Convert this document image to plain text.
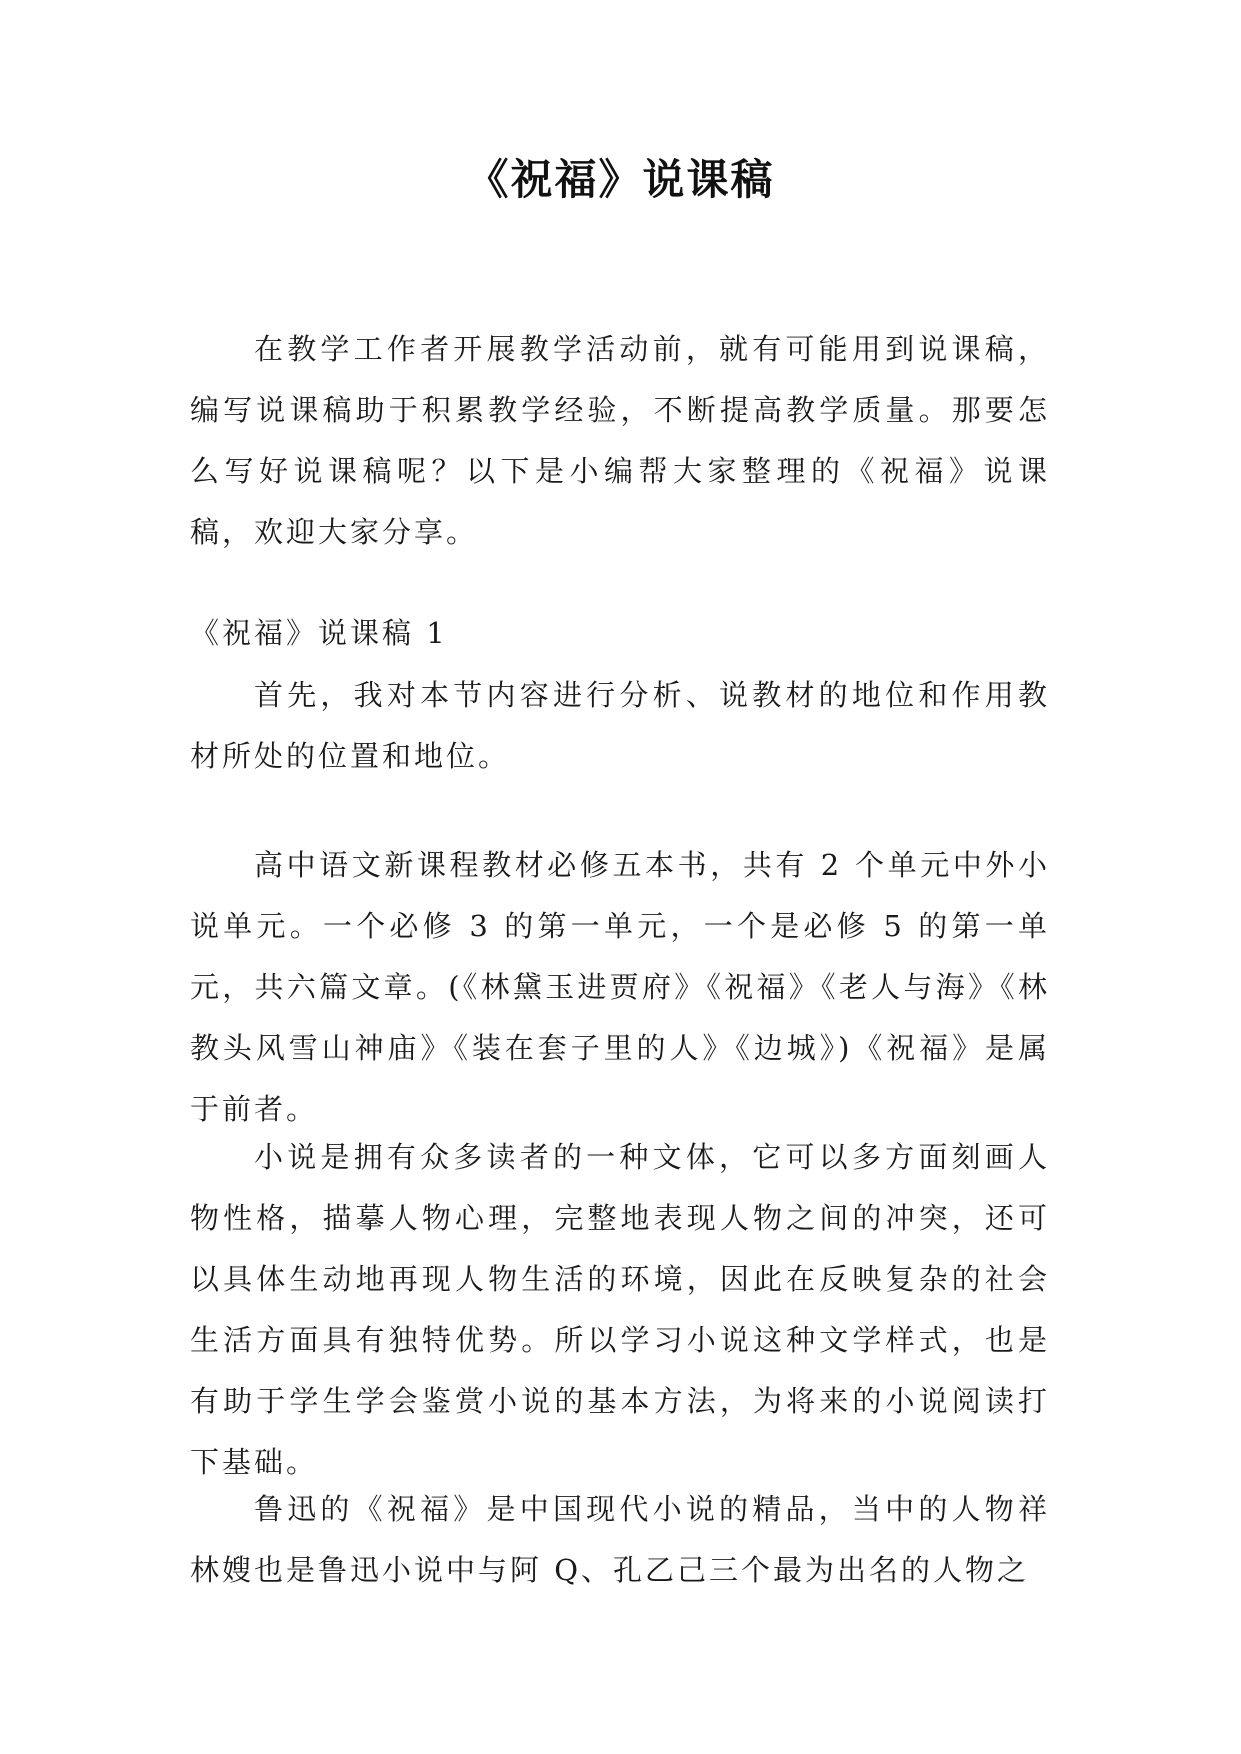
《祝福》说课稿

在教学工作者开展教学活动前，就有可能用到说课稿，编写说课稿助于积累教学经验，不断提高教学质量。那要怎么写好说课稿呢？以下是小编帮大家整理的《祝福》说课稿，欢迎大家分享。

《祝福》说课稿 1

首先，我对本节内容进行分析、说教材的地位和作用教材所处的位置和地位。

高中语文新课程教材必修五本书，共有 2 个单元中外小说单元。一个必修 3 的第一单元，一个是必修 5 的第一单元，共六篇文章。(《林黛玉进贾府》《祝福》《老人与海》《林教头风雪山神庙》《装在套子里的人》《边城》)《祝福》是属于前者。

小说是拥有众多读者的一种文体，它可以多方面刻画人物性格，描摹人物心理，完整地表现人物之间的冲突，还可以具体生动地再现人物生活的环境，因此在反映复杂的社会生活方面具有独特优势。所以学习小说这种文学样式，也是有助于学生学会鉴赏小说的基本方法，为将来的小说阅读打下基础。

鲁迅的《祝福》是中国现代小说的精品，当中的人物祥林嫂也是鲁迅小说中与阿 Q、孔乙己三个最为出名的人物之
